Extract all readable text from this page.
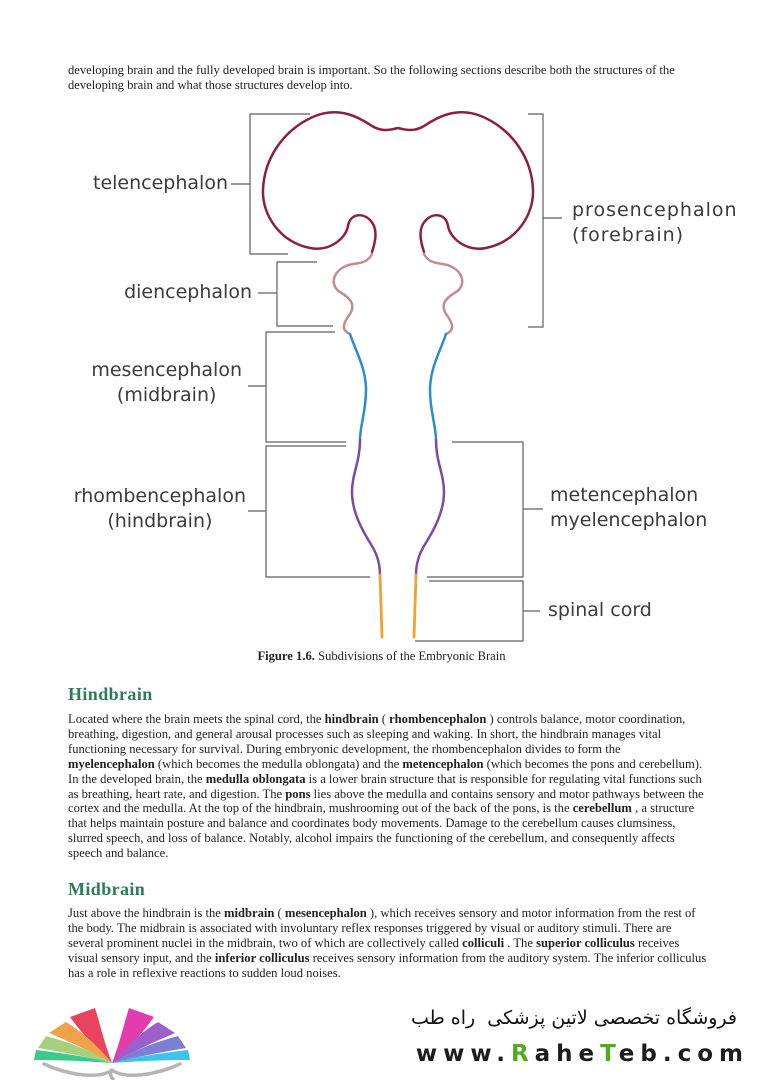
developing brain and the fully developed brain is important. So the following sections describe both the structures of the developing brain and what those structures develop into.

telencephalon
diencephalon
mesencephalon
(midbrain)
rhombencephalon
(hindbrain)
prosencephalon
(forebrain)
metencephalon
myelencephalon
spinal cord

Figure 1.6. Subdivisions of the Embryonic Brain

Hindbrain

Located where the brain meets the spinal cord, the hindbrain ( rhombencephalon ) controls balance, motor coordination, breathing, digestion, and general arousal processes such as sleeping and waking. In short, the hindbrain manages vital functioning necessary for survival. During embryonic development, the rhombencephalon divides to form the myelencephalon (which becomes the medulla oblongata) and the metencephalon (which becomes the pons and cerebellum). In the developed brain, the medulla oblongata is a lower brain structure that is responsible for regulating vital functions such as breathing, heart rate, and digestion. The pons lies above the medulla and contains sensory and motor pathways between the cortex and the medulla. At the top of the hindbrain, mushrooming out of the back of the pons, is the cerebellum , a structure that helps maintain posture and balance and coordinates body movements. Damage to the cerebellum causes clumsiness, slurred speech, and loss of balance. Notably, alcohol impairs the functioning of the cerebellum, and consequently affects speech and balance.

Midbrain

Just above the hindbrain is the midbrain ( mesencephalon ), which receives sensory and motor information from the rest of the body. The midbrain is associated with involuntary reflex responses triggered by visual or auditory stimuli. There are several prominent nuclei in the midbrain, two of which are collectively called colliculi . The superior colliculus receives visual sensory input, and the inferior colliculus receives sensory information from the auditory system. The inferior colliculus has a role in reflexive reactions to sudden loud noises.

فروشگاه تخصصی لاتین پزشکی  راه طب
www.RaheTeb.com
